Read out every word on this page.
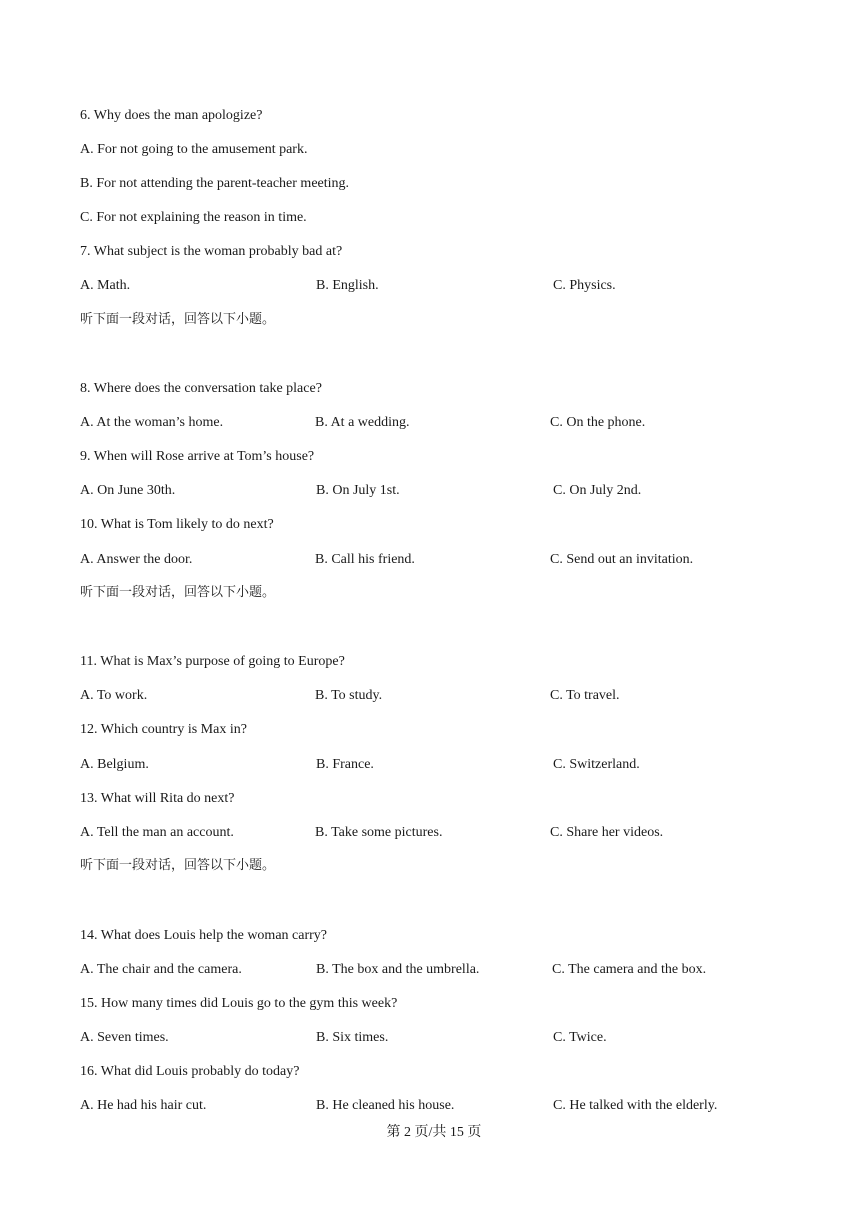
6. Why does the man apologize?
A. For not going to the amusement park.
B. For not attending the parent-teacher meeting.
C. For not explaining the reason in time.
7. What subject is the woman probably bad at?
A. Math.	B. English.	C. Physics.
听下面一段对话，回答以下小题。
8. Where does the conversation take place?
A. At the woman’s home.	B. At a wedding.	C. On the phone.
9. When will Rose arrive at Tom’s house?
A. On June 30th.	B. On July 1st.	C. On July 2nd.
10. What is Tom likely to do next?
A. Answer the door.	B. Call his friend.	C. Send out an invitation.
听下面一段对话，回答以下小题。
11. What is Max’s purpose of going to Europe?
A. To work.	B. To study.	C. To travel.
12. Which country is Max in?
A. Belgium.	B. France.	C. Switzerland.
13. What will Rita do next?
A. Tell the man an account.	B. Take some pictures.	C. Share her videos.
听下面一段对话，回答以下小题。
14. What does Louis help the woman carry?
A. The chair and the camera.	B. The box and the umbrella.	C. The camera and the box.
15. How many times did Louis go to the gym this week?
A. Seven times.	B. Six times.	C. Twice.
16. What did Louis probably do today?
A. He had his hair cut.	B. He cleaned his house.	C. He talked with the elderly.
第 2 页/共 15 页
